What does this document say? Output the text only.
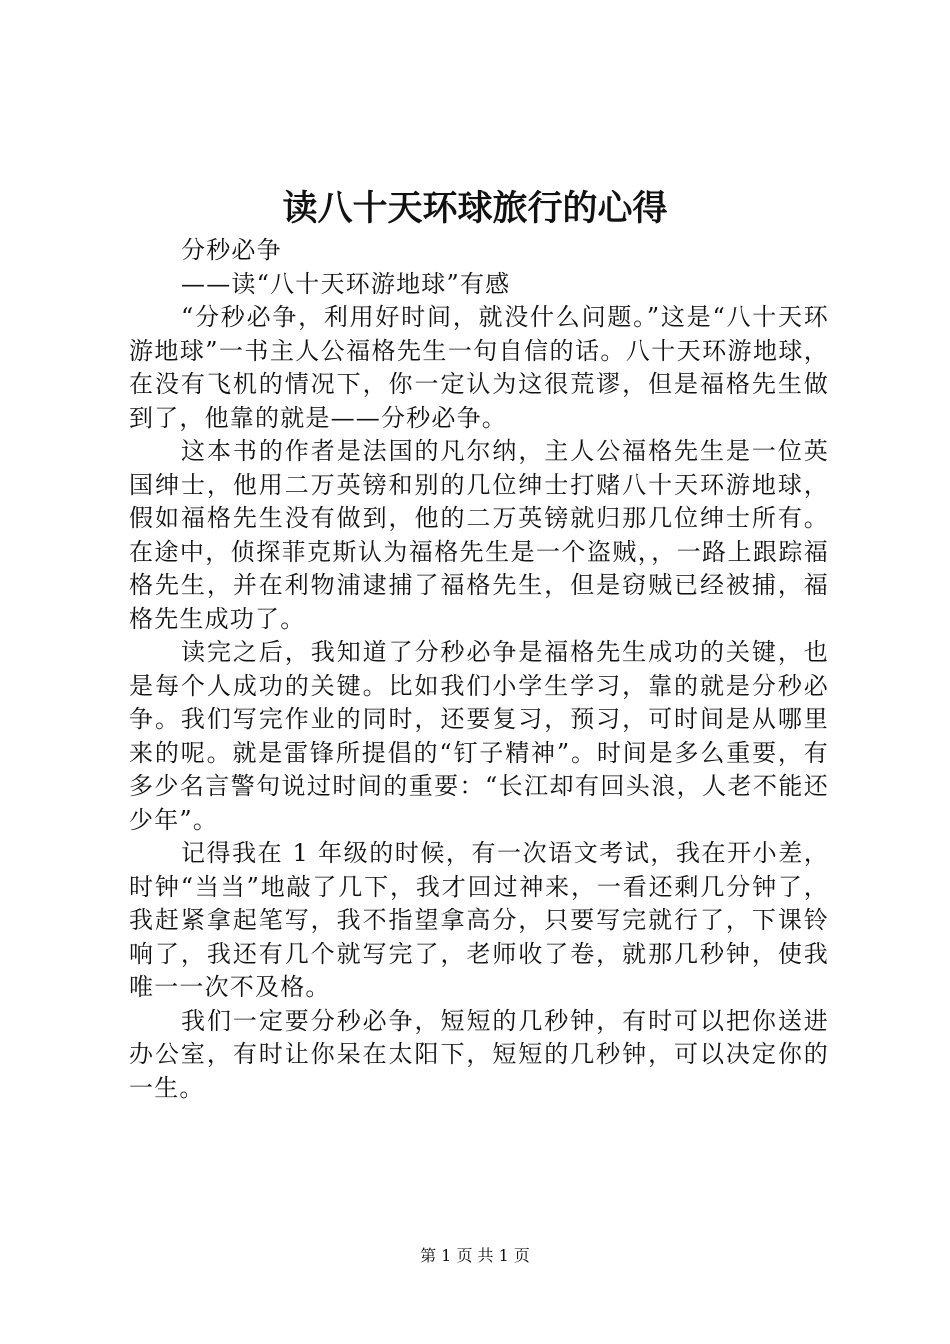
读八十天环球旅行的心得

分秒必争

——读“八十天环游地球”有感

“分秒必争，利用好时间，就没什么问题。”这是“八十天环游地球”一书主人公福格先生一句自信的话。八十天环游地球，在没有飞机的情况下，你一定认为这很荒谬，但是福格先生做到了，他靠的就是——分秒必争。

这本书的作者是法国的凡尔纳，主人公福格先生是一位英国绅士，他用二万英镑和别的几位绅士打赌八十天环游地球，假如福格先生没有做到，他的二万英镑就归那几位绅士所有。在途中，侦探菲克斯认为福格先生是一个盗贼，，一路上跟踪福格先生，并在利物浦逮捕了福格先生，但是窃贼已经被捕，福格先生成功了。

读完之后，我知道了分秒必争是福格先生成功的关键，也是每个人成功的关键。比如我们小学生学习，靠的就是分秒必争。我们写完作业的同时，还要复习，预习，可时间是从哪里来的呢。就是雷锋所提倡的“钉子精神”。时间是多么重要，有多少名言警句说过时间的重要：“长江却有回头浪，人老不能还少年”。

记得我在 1 年级的时候，有一次语文考试，我在开小差，时钟“当当”地敲了几下，我才回过神来，一看还剩几分钟了，我赶紧拿起笔写，我不指望拿高分，只要写完就行了，下课铃响了，我还有几个就写完了，老师收了卷，就那几秒钟，使我唯一一次不及格。

我们一定要分秒必争，短短的几秒钟，有时可以把你送进办公室，有时让你呆在太阳下，短短的几秒钟，可以决定你的一生。

第 1 页 共 1 页
